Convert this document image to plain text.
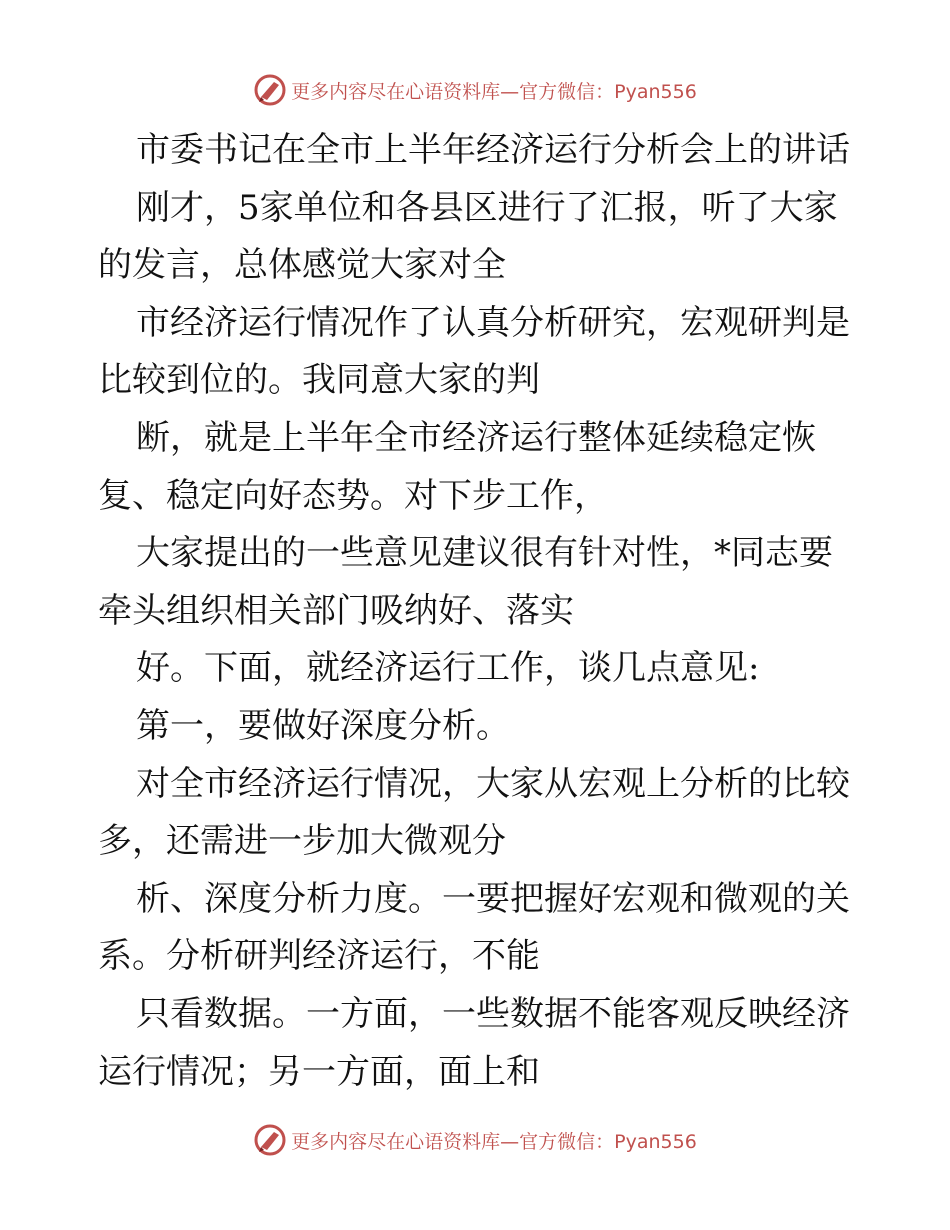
更多内容尽在心语资料库—官方微信：Pyan556
市委书记在全市上半年经济运行分析会上的讲话
刚才，5家单位和各县区进行了汇报，听了大家
的发言，总体感觉大家对全
市经济运行情况作了认真分析研究，宏观研判是
比较到位的。我同意大家的判
断，就是上半年全市经济运行整体延续稳定恢
复、稳定向好态势。对下步工作，
大家提出的一些意见建议很有针对性，*同志要
牵头组织相关部门吸纳好、落实
好。下面，就经济运行工作，谈几点意见:
第一，要做好深度分析。
对全市经济运行情况，大家从宏观上分析的比较
多，还需进一步加大微观分
析、深度分析力度。一要把握好宏观和微观的关
系。分析研判经济运行，不能
只看数据。一方面，一些数据不能客观反映经济
运行情况；另一方面，面上和
更多内容尽在心语资料库—官方微信：Pyan556
